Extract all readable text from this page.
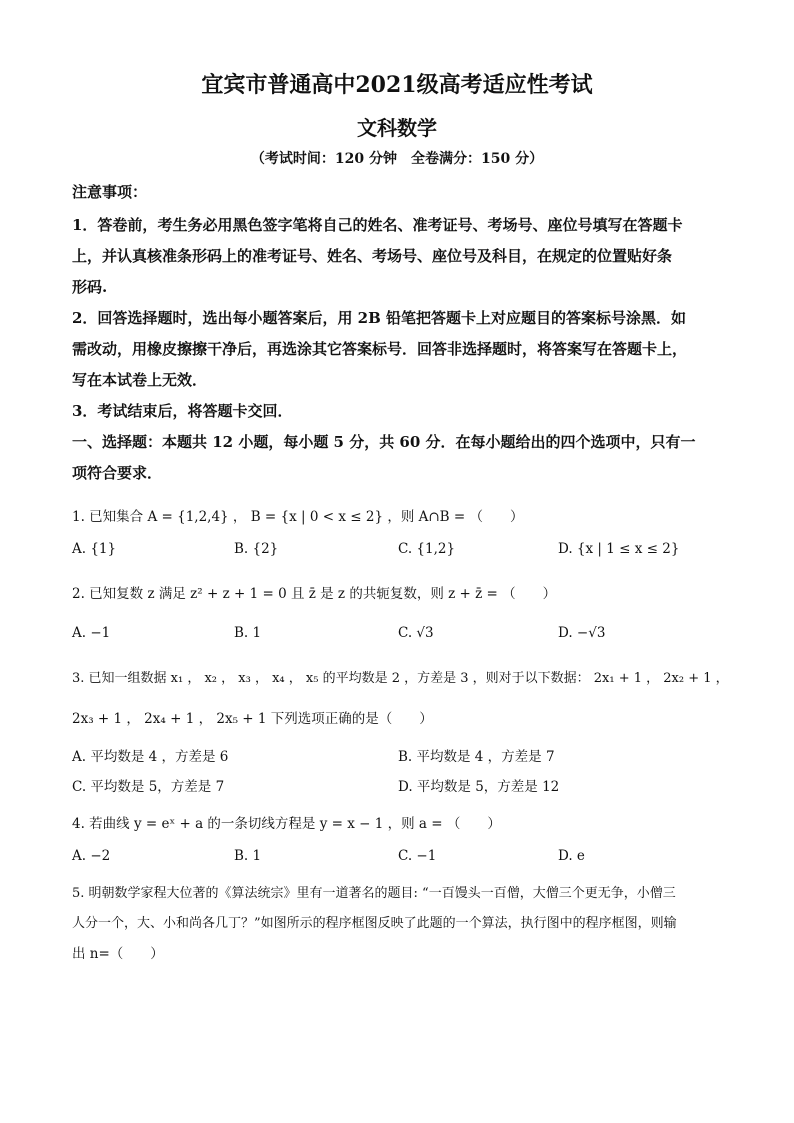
宜宾市普通高中2021级高考适应性考试
文科数学
（考试时间：120 分钟　全卷满分：150 分）
注意事项：
1．答卷前，考生务必用黑色签字笔将自己的姓名、准考证号、考场号、座位号填写在答题卡
上，并认真核准条形码上的准考证号、姓名、考场号、座位号及科目，在规定的位置贴好条
形码.
2．回答选择题时，选出每小题答案后，用 2B 铅笔把答题卡上对应题目的答案标号涂黑．如
需改动，用橡皮擦擦干净后，再选涂其它答案标号．回答非选择题时，将答案写在答题卡上，
写在本试卷上无效．
3．考试结束后，将答题卡交回．
一、选择题：本题共 12 小题，每小题 5 分，共 60 分．在每小题给出的四个选项中，只有一
项符合要求．
1. 已知集合 A = {1,2,4} ， B = {x | 0 < x ≤ 2} ，则 A∩B = （　　）
A. {1}	B. {2}	C. {1,2}	D. {x | 1 ≤ x ≤ 2}
2. 已知复数 z 满足 z² + z + 1 = 0 且 z̄ 是 z 的共轭复数，则 z + z̄ = （　　）
A. −1	B. 1	C. √3	D. −√3
3. 已知一组数据 x₁ ， x₂ ， x₃ ， x₄ ， x₅ 的平均数是 2 ，方差是 3 ，则对于以下数据： 2x₁ + 1 ， 2x₂ + 1 ，
2x₃ + 1 ， 2x₄ + 1 ， 2x₅ + 1 下列选项正确的是（　　）
A. 平均数是 4 ，方差是 6	B. 平均数是 4 ，方差是 7
C. 平均数是 5，方差是 7	D. 平均数是 5，方差是 12
4. 若曲线 y = eˣ + a 的一条切线方程是 y = x − 1 ，则 a = （　　）
A. −2	B. 1	C. −1	D. e
5. 明朝数学家程大位著的《算法统宗》里有一道著名的题目: “一百馒头一百僧，大僧三个更无争，小僧三
人分一个，大、小和尚各几丁？”如图所示的程序框图反映了此题的一个算法，执行图中的程序框图，则输
出 n=（　　）
